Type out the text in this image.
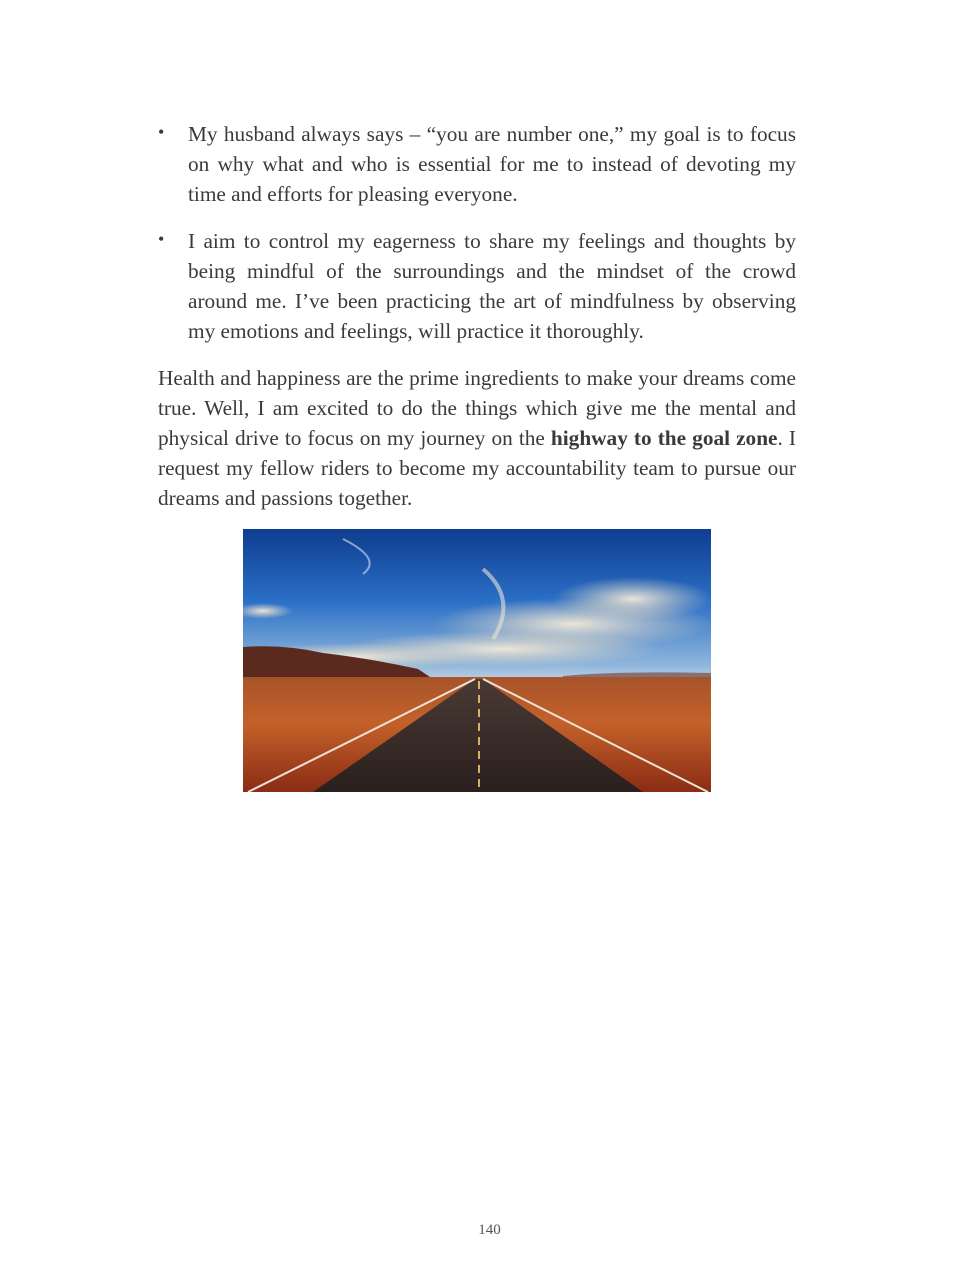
• My husband always says – “you are number one,” my goal is to focus on why what and who is essential for me to instead of devoting my time and efforts for pleasing everyone.
• I aim to control my eagerness to share my feelings and thoughts by being mindful of the surroundings and the mindset of the crowd around me. I’ve been practicing the art of mindfulness by observing my emotions and feelings, will practice it thoroughly.

Health and happiness are the prime ingredients to make your dreams come true. Well, I am excited to do the things which give me the mental and physical drive to focus on my journey on the highway to the goal zone. I request my fellow riders to become my accountability team to pursue our dreams and passions together.

140
